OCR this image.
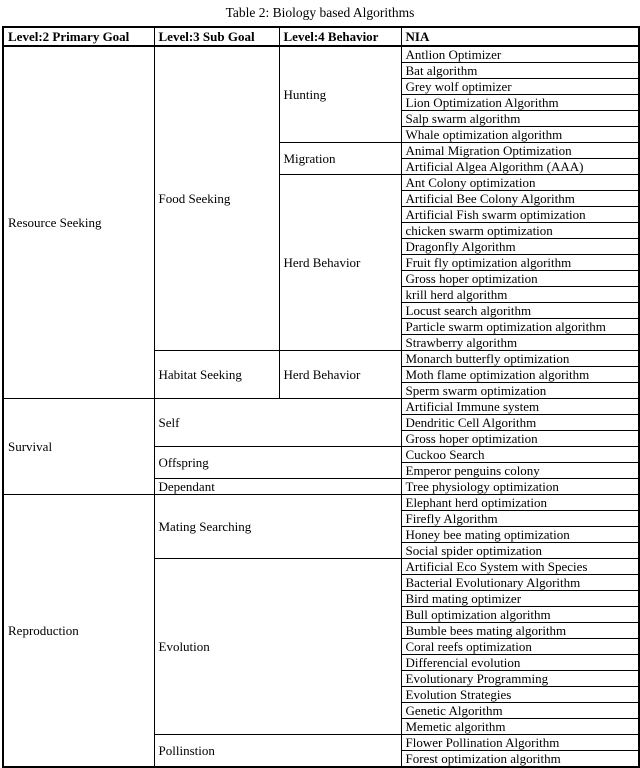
Table 2: Biology based Algorithms
Level:2 Primary Goal	Level:3 Sub Goal	Level:4 Behavior	NIA
Resource Seeking	Food Seeking	Hunting	Antlion Optimizer
			Bat algorithm
			Grey wolf optimizer
			Lion Optimization Algorithm
			Salp swarm algorithm
			Whale optimization algorithm
		Migration	Animal Migration Optimization
			Artificial Algea Algorithm (AAA)
		Herd Behavior	Ant Colony optimization
			Artificial Bee Colony Algorithm
			Artificial Fish swarm optimization
			chicken swarm optimization
			Dragonfly Algorithm
			Fruit fly optimization algorithm
			Gross hoper optimization
			krill herd algorithm
			Locust search algorithm
			Particle swarm optimization algorithm
			Strawberry algorithm
	Habitat Seeking	Herd Behavior	Monarch butterfly optimization
			Moth flame optimization algorithm
			Sperm swarm optimization
Survival	Self		Artificial Immune system
			Dendritic Cell Algorithm
			Gross hoper optimization
	Offspring		Cuckoo Search
			Emperor penguins colony
	Dependant		Tree physiology optimization
Reproduction	Mating Searching		Elephant herd optimization
			Firefly Algorithm
			Honey bee mating optimization
			Social spider optimization
	Evolution		Artificial Eco System with Species
			Bacterial Evolutionary Algorithm
			Bird mating optimizer
			Bull optimization algorithm
			Bumble bees mating algorithm
			Coral reefs optimization
			Differencial evolution
			Evolutionary Programming
			Evolution Strategies
			Genetic Algorithm
			Memetic algorithm
	Pollinstion		Flower Pollination Algorithm
			Forest optimization algorithm
